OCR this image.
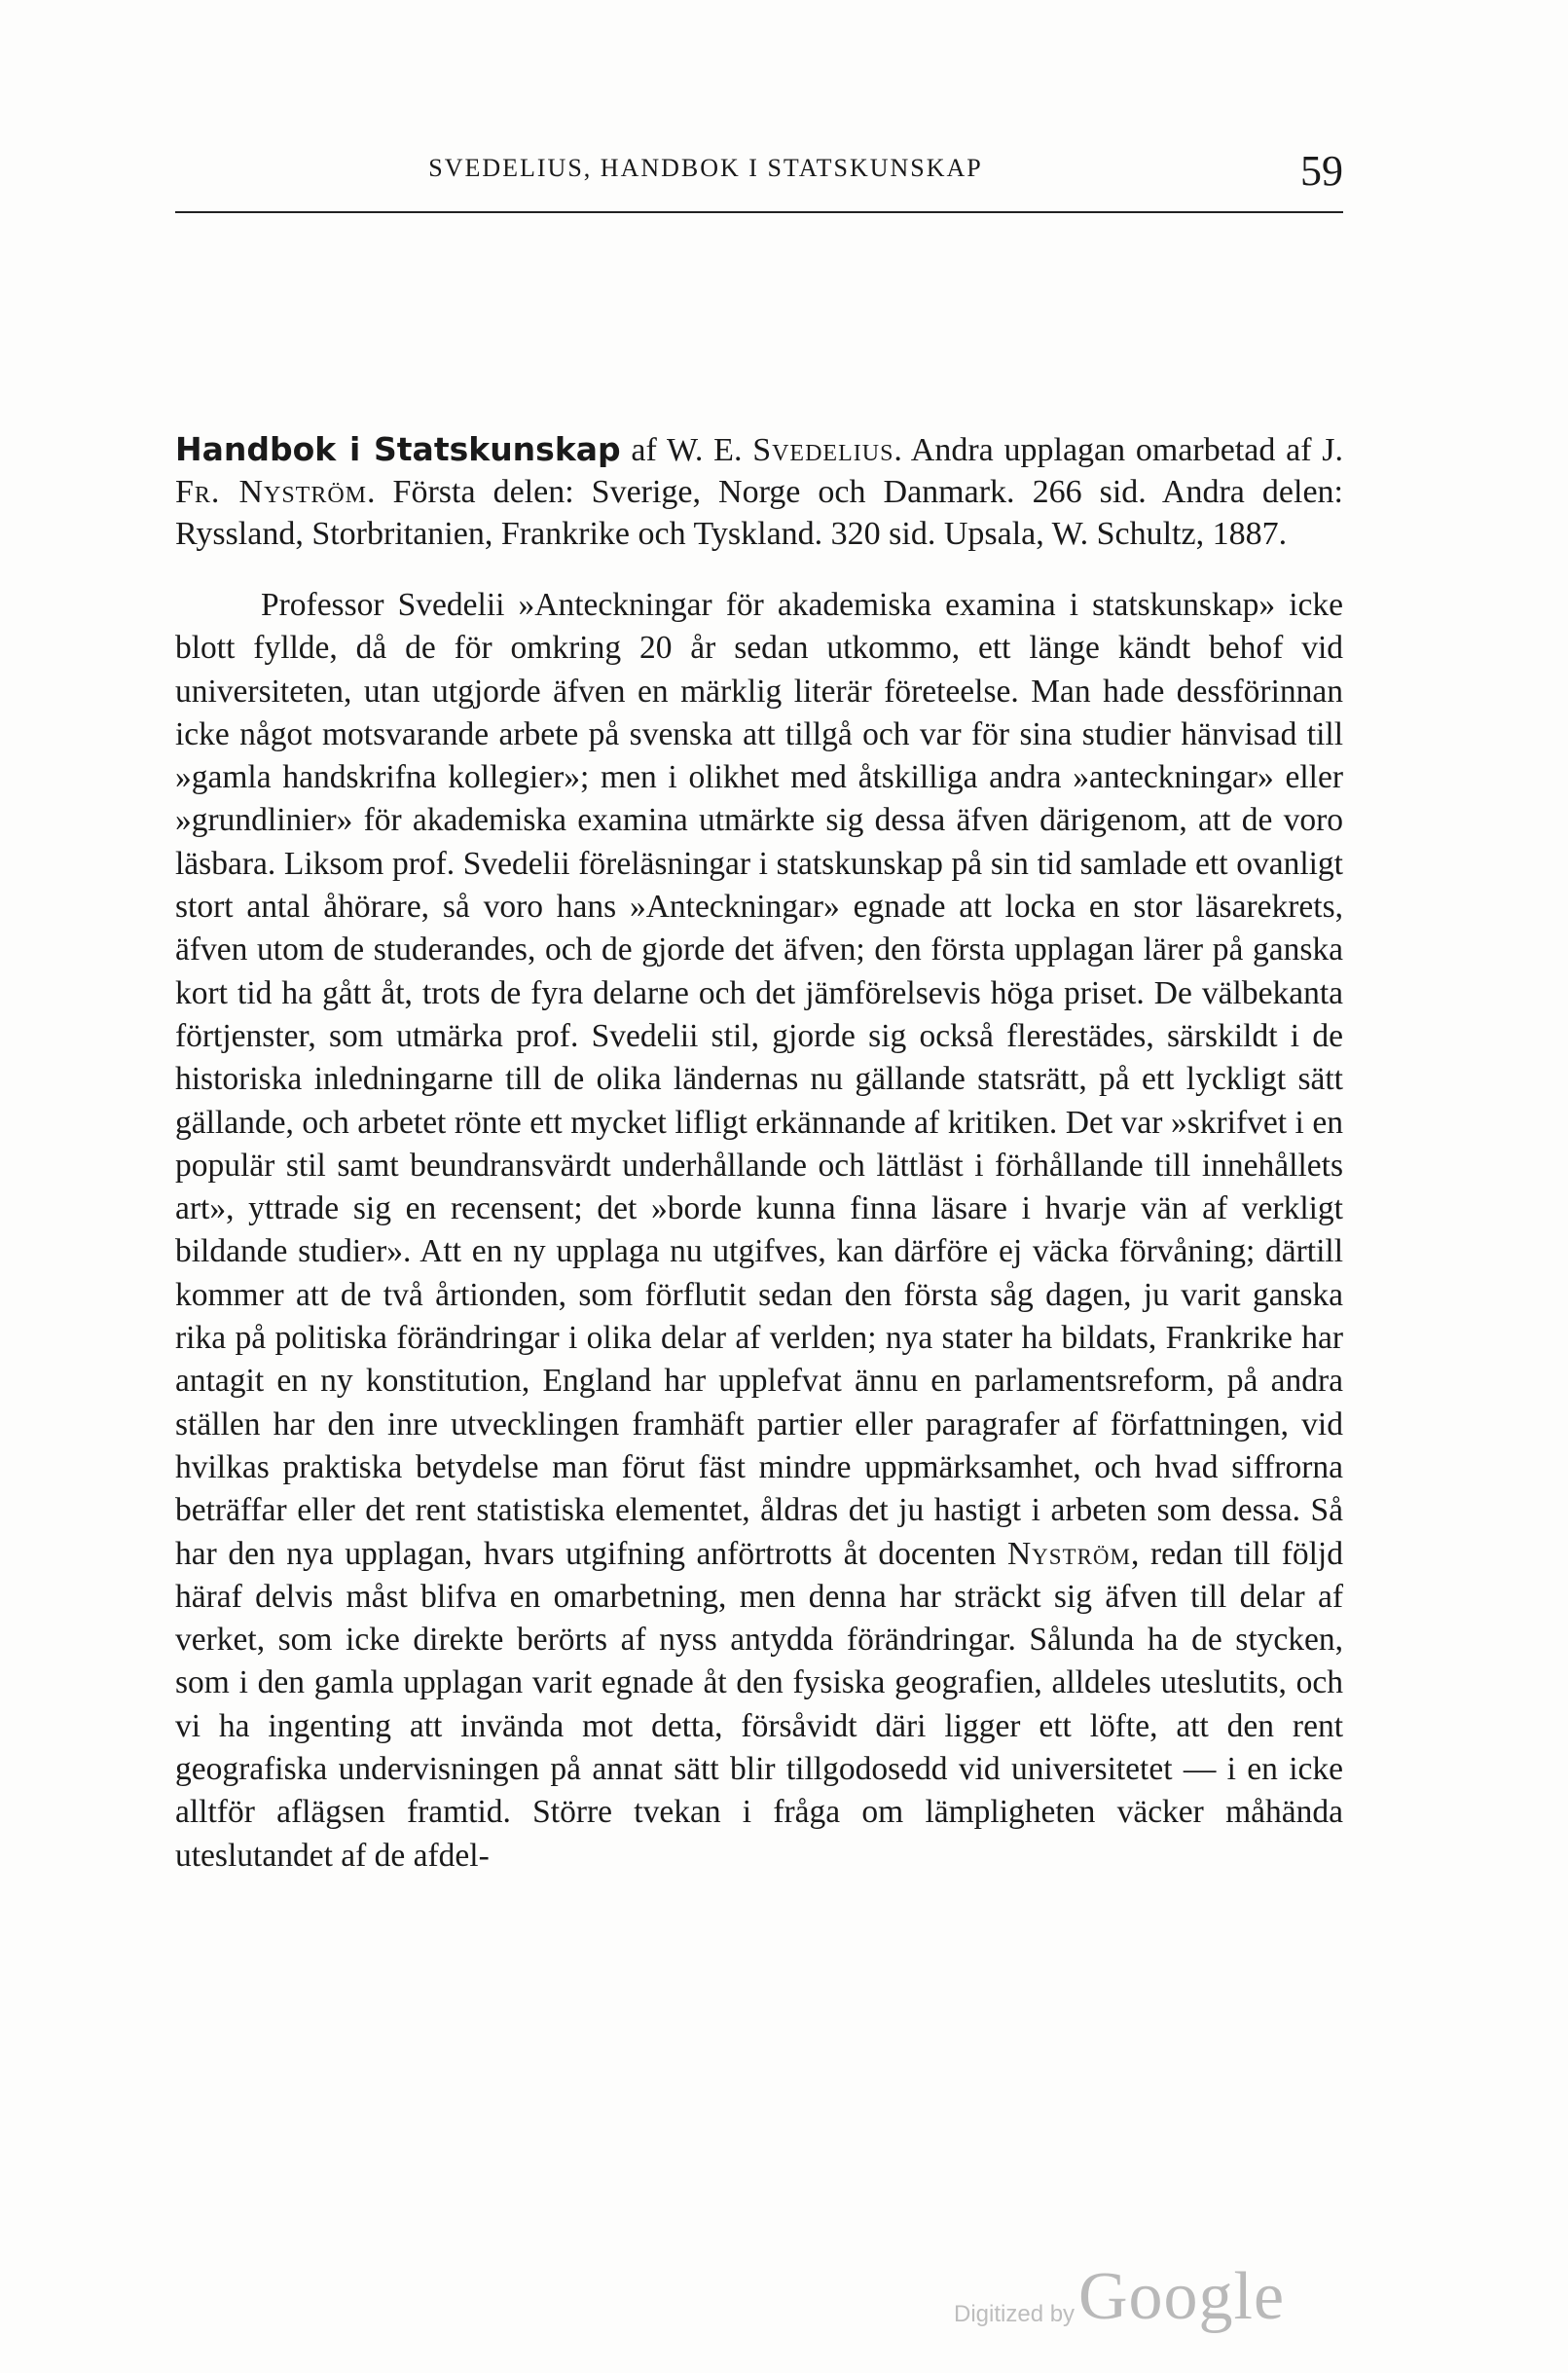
SVEDELIUS, HANDBOK I STATSKUNSKAP	59

Handbok i Statskunskap af W. E. Svedelius. Andra upplagan omarbetad af J. Fr. Nyström. Första delen: Sverige, Norge och Danmark. 266 sid. Andra delen: Ryssland, Storbritanien, Frankrike och Tyskland. 320 sid. Upsala, W. Schultz, 1887.

Professor Svedelii »Anteckningar för akademiska examina i statskunskap» icke blott fyllde, då de för omkring 20 år sedan utkommo, ett länge kändt behof vid universiteten, utan utgjorde äfven en märklig literär företeelse. Man hade dessförinnan icke något motsvarande arbete på svenska att tillgå och var för sina studier hänvisad till »gamla handskrifna kollegier»; men i olikhet med åtskilliga andra »anteckningar» eller »grundlinier» för akademiska examina utmärkte sig dessa äfven därigenom, att de voro läsbara. Liksom prof. Svedelii föreläsningar i statskunskap på sin tid samlade ett ovanligt stort antal åhörare, så voro hans »Anteckningar» egnade att locka en stor läsarekrets, äfven utom de studerandes, och de gjorde det äfven; den första upplagan lärer på ganska kort tid ha gått åt, trots de fyra delarne och det jämförelsevis höga priset. De välbekanta förtjenster, som utmärka prof. Svedelii stil, gjorde sig också flerestädes, särskildt i de historiska inledningarne till de olika ländernas nu gällande statsrätt, på ett lyckligt sätt gällande, och arbetet rönte ett mycket lifligt erkännande af kritiken. Det var »skrifvet i en populär stil samt beundransvärdt underhållande och lättläst i förhållande till innehållets art», yttrade sig en recensent; det »borde kunna finna läsare i hvarje vän af verkligt bildande studier». Att en ny upplaga nu utgifves, kan därföre ej väcka förvåning; därtill kommer att de två årtionden, som förflutit sedan den första såg dagen, ju varit ganska rika på politiska förändringar i olika delar af verlden; nya stater ha bildats, Frankrike har antagit en ny konstitution, England har upplefvat ännu en parlamentsreform, på andra ställen har den inre utvecklingen framhäft partier eller paragrafer af författningen, vid hvilkas praktiska betydelse man förut fäst mindre uppmärksamhet, och hvad siffrorna beträffar eller det rent statistiska elementet, åldras det ju hastigt i arbeten som dessa. Så har den nya upplagan, hvars utgifning anförtrotts åt docenten Nyström, redan till följd häraf delvis måst blifva en omarbetning, men denna har sträckt sig äfven till delar af verket, som icke direkte berörts af nyss antydda förändringar. Sålunda ha de stycken, som i den gamla upplagan varit egnade åt den fysiska geografien, alldeles uteslutits, och vi ha ingenting att invända mot detta, försåvidt däri ligger ett löfte, att den rent geografiska undervisningen på annat sätt blir tillgodosedd vid universitetet — i en icke alltför aflägsen framtid. Större tvekan i fråga om lämpligheten väcker måhända uteslutandet af de afdel-

Digitized by Google
